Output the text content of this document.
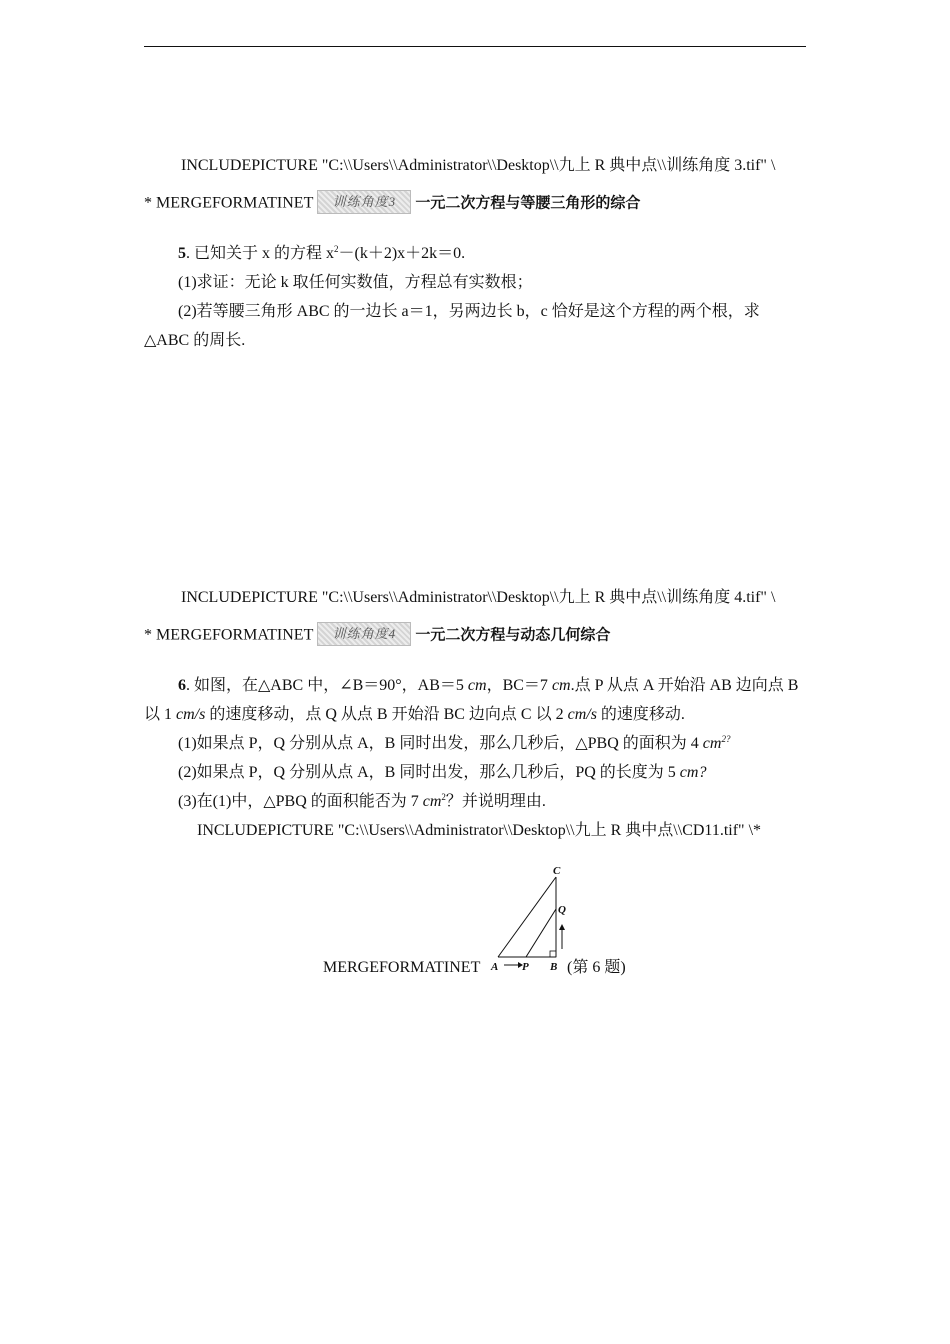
INCLUDEPICTURE "C:\\Users\\Administrator\\Desktop\\九上 R 典中点\\训练角度 3.tif" \
* MERGEFORMATINET 训练角度3 一元二次方程与等腰三角形的综合
5. 已知关于 x 的方程 $x^2-(k+2)x+2k=0$.
(1)求证：无论 k 取任何实数值，方程总有实数根；
(2)若等腰三角形 ABC 的一边长 a＝1，另两边长 b，c 恰好是这个方程的两个根，求
△ABC 的周长.
INCLUDEPICTURE "C:\\Users\\Administrator\\Desktop\\九上 R 典中点\\训练角度 4.tif" \
* MERGEFORMATINET 训练角度4 一元二次方程与动态几何综合
6. 如图，在△ABC 中，∠B＝90°，AB＝5 cm，BC＝7 cm.点 P 从点 A 开始沿 AB 边向点 B
以 1 cm/s 的速度移动，点 Q 从点 B 开始沿 BC 边向点 C 以 2 cm/s 的速度移动.
(1)如果点 P，Q 分别从点 A，B 同时出发，那么几秒后，△PBQ 的面积为 4 $cm^{2?}$
(2)如果点 P，Q 分别从点 A，B 同时出发，那么几秒后，PQ 的长度为 5 cm?
(3)在(1)中，△PBQ 的面积能否为 7 $cm^2$？并说明理由.
INCLUDEPICTURE "C:\\Users\\Administrator\\Desktop\\九上 R 典中点\\CD11.tif" \*
MERGEFORMATINET
C
Q
A P B (第 6 题)
